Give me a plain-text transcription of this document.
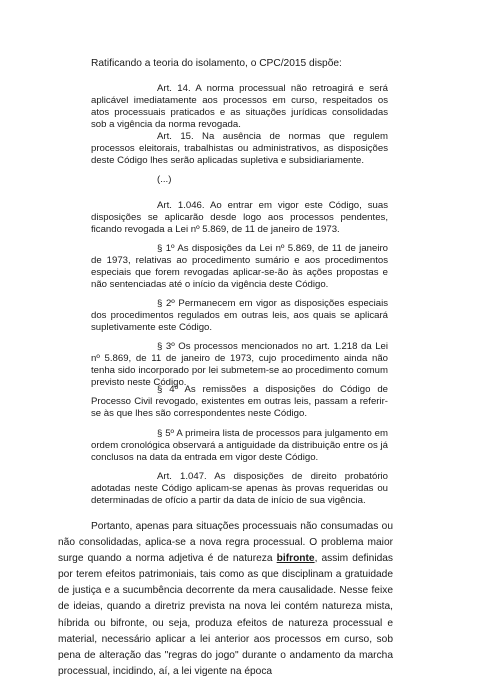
Ratificando a teoria do isolamento, o CPC/2015 dispõe:
Art. 14. A norma processual não retroagirá e será aplicável imediatamente aos processos em curso, respeitados os atos processuais praticados e as situações jurídicas consolidadas sob a vigência da norma revogada.
Art. 15. Na ausência de normas que regulem processos eleitorais, trabalhistas ou administrativos, as disposições deste Código lhes serão aplicadas supletiva e subsidiariamente.
(...)
Art. 1.046. Ao entrar em vigor este Código, suas disposições se aplicarão desde logo aos processos pendentes, ficando revogada a Lei nº 5.869, de 11 de janeiro de 1973.
§ 1º As disposições da Lei nº 5.869, de 11 de janeiro de 1973, relativas ao procedimento sumário e aos procedimentos especiais que forem revogadas aplicar-se-ão às ações propostas e não sentenciadas até o início da vigência deste Código.
§ 2º Permanecem em vigor as disposições especiais dos procedimentos regulados em outras leis, aos quais se aplicará supletivamente este Código.
§ 3º Os processos mencionados no art. 1.218 da Lei nº 5.869, de 11 de janeiro de 1973, cujo procedimento ainda não tenha sido incorporado por lei submetem-se ao procedimento comum previsto neste Código.
§ 4º As remissões a disposições do Código de Processo Civil revogado, existentes em outras leis, passam a referir-se às que lhes são correspondentes neste Código.
§ 5º A primeira lista de processos para julgamento em ordem cronológica observará a antiguidade da distribuição entre os já conclusos na data da entrada em vigor deste Código.
Art. 1.047. As disposições de direito probatório adotadas neste Código aplicam-se apenas às provas requeridas ou determinadas de ofício a partir da data de início de sua vigência.
Portanto, apenas para situações processuais não consumadas ou não consolidadas, aplica-se a nova regra processual. O problema maior surge quando a norma adjetiva é de natureza bifronte, assim definidas por terem efeitos patrimoniais, tais como as que disciplinam a gratuidade de justiça e a sucumbência decorrente da mera causalidade. Nesse feixe de ideias, quando a diretriz prevista na nova lei contém natureza mista, híbrida ou bifronte, ou seja, produza efeitos de natureza processual e material, necessário aplicar a lei anterior aos processos em curso, sob pena de alteração das "regras do jogo" durante o andamento da marcha processual, incidindo, aí, a lei vigente na época
